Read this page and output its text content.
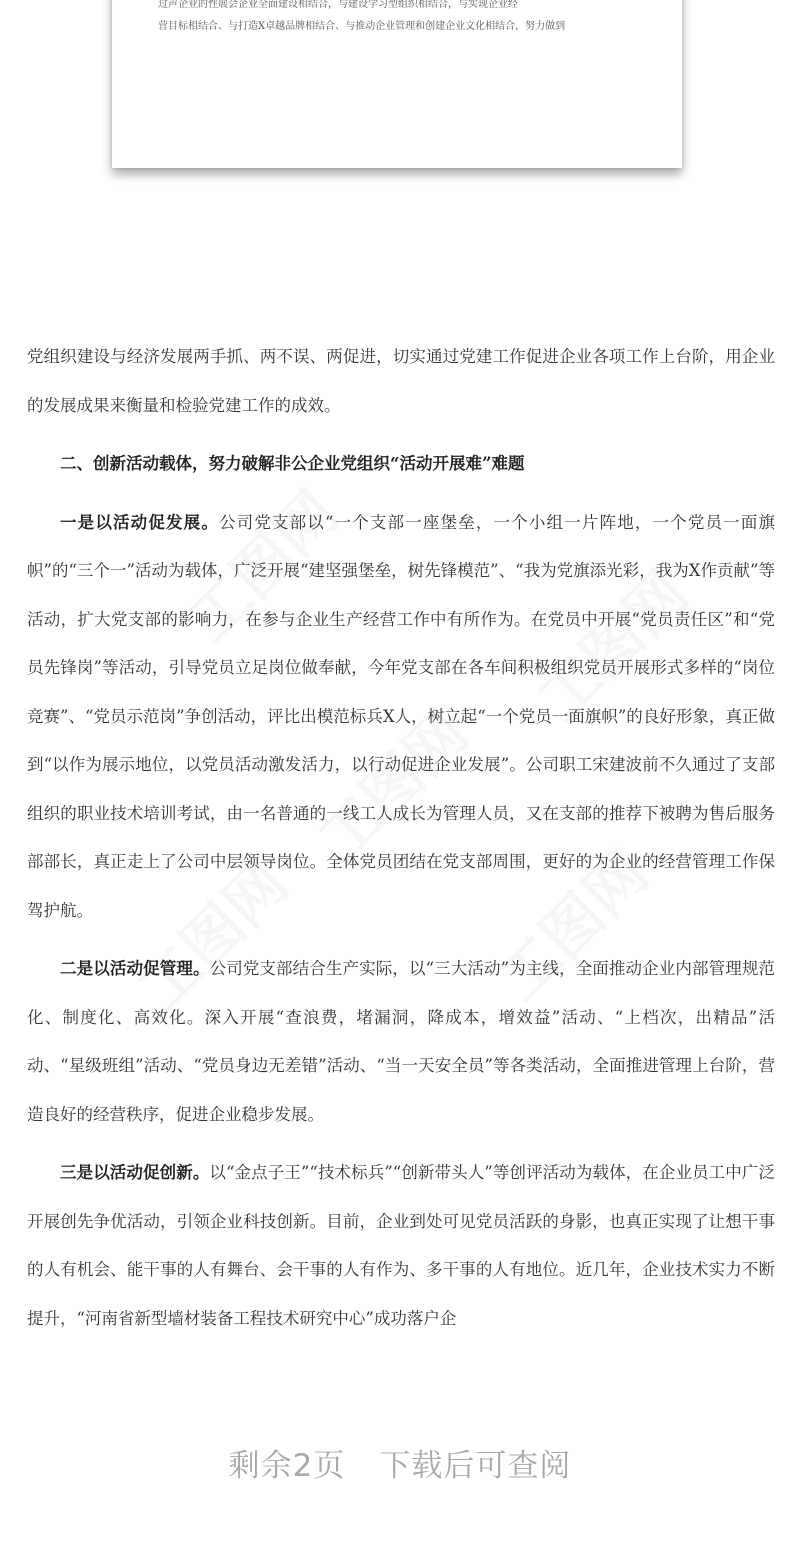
过声企业的性展会企业全面建设相结合，与建设学习型组织相结合，与实现企业经
营目标相结合、与打造X卓越品牌相结合、与推动企业管理和创建企业文化相结合，努力做到

党组织建设与经济发展两手抓、两不误、两促进，切实通过党建工作促进企业各项工作上台阶，用企业的发展成果来衡量和检验党建工作的成效。

二、创新活动载体，努力破解非公企业党组织“活动开展难”难题

一是以活动促发展。公司党支部以“一个支部一座堡垒，一个小组一片阵地，一个党员一面旗帜”的“三个一”活动为载体，广泛开展“建坚强堡垒，树先锋模范”、“我为党旗添光彩，我为X作贡献”等活动，扩大党支部的影响力，在参与企业生产经营工作中有所作为。在党员中开展“党员责任区”和“党员先锋岗”等活动，引导党员立足岗位做奉献，今年党支部在各车间积极组织党员开展形式多样的“岗位竞赛”、“党员示范岗”争创活动，评比出模范标兵X人，树立起“一个党员一面旗帜”的良好形象，真正做到“以作为展示地位，以党员活动激发活力，以行动促进企业发展”。公司职工宋建波前不久通过了支部组织的职业技术培训考试，由一名普通的一线工人成长为管理人员，又在支部的推荐下被聘为售后服务部部长，真正走上了公司中层领导岗位。全体党员团结在党支部周围，更好的为企业的经营管理工作保驾护航。

二是以活动促管理。公司党支部结合生产实际，以“三大活动”为主线，全面推动企业内部管理规范化、制度化、高效化。深入开展“查浪费，堵漏洞，降成本，增效益”活动、“上档次，出精品”活动、“星级班组”活动、“党员身边无差错”活动、“当一天安全员”等各类活动，全面推进管理上台阶，营造良好的经营秩序，促进企业稳步发展。

三是以活动促创新。以“金点子王”“技术标兵”“创新带头人”等创评活动为载体，在企业员工中广泛开展创先争优活动，引领企业科技创新。目前，企业到处可见党员活跃的身影，也真正实现了让想干事的人有机会、能干事的人有舞台、会干事的人有作为、多干事的人有地位。近几年，企业技术实力不断提升，“河南省新型墙材装备工程技术研究中心”成功落户企

剩余2页 下载后可查阅
